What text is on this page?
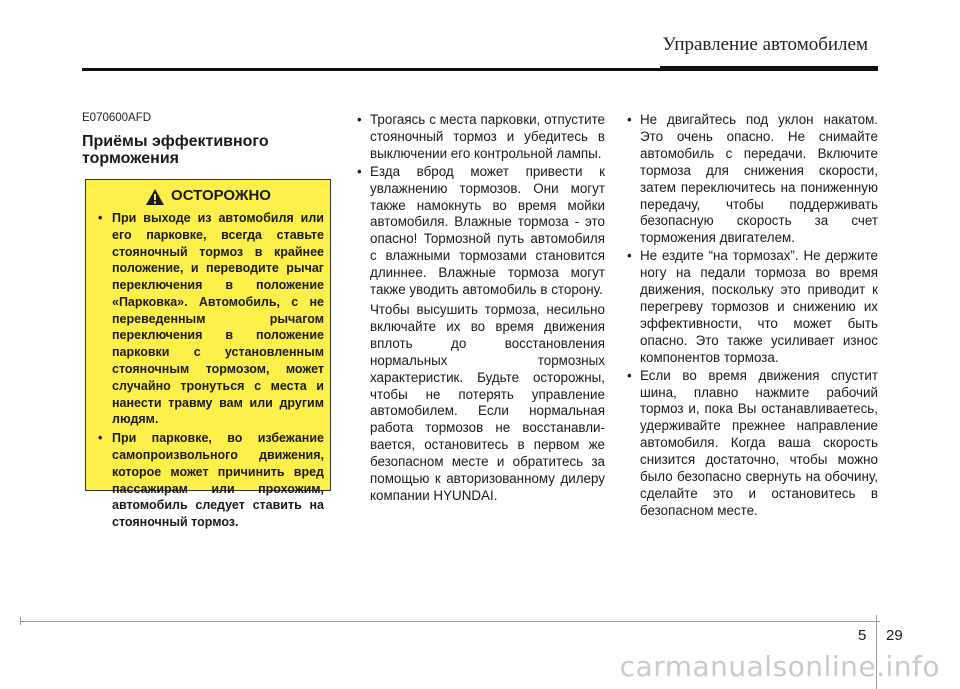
Управление автомобилем
E070600AFD
Приёмы эффективного торможения
ОСТОРОЖНО
• При выходе из автомобиля или его парковке, всегда ставьте стояночный тормоз в крайнее положение, и переводите рычаг переключения в положение «Парковка». Автомобиль, с не переведенным рычагом переключения в положение парковки с установленным стояночным тормозом, может случайно тронуться с места и нанести травму вам или другим людям.
• При парковке, во избежание самопроизвольного движения, которое может причинить вред пассажирам или прохожим, автомобиль следует ставить на стояночный тормоз.
• Трогаясь с места парковки, отпустите стояночный тормоз и убедитесь в выключении его контрольной лампы.
• Езда вброд может привести к увлажнению тормозов. Они могут также намокнуть во время мойки автомобиля. Влажные тормоза - это опасно! Тормозной путь автомобиля с влажными тормозами становится длиннее. Влажные тормоза могут также уводить автомобиль в сторону.

Чтобы высушить тормоза, несильно включайте их во время движения вплоть до восстановления нормальных тормозных характеристик. Будьте осторожны, чтобы не потерять управление автомобилем. Если нормальная работа тормозов не восстанавли-вается, остановитесь в первом же безопасном месте и обратитесь за помощью к авторизованному дилеру компании HYUNDAI.

• Не двигайтесь под уклон накатом. Это очень опасно. Не снимайте автомобиль с передачи. Включите тормоза для снижения скорости, затем переключитесь на пониженную передачу, чтобы поддерживать безопасную скорость за счет торможения двигателем.
• Не ездите “на тормозах”. Не держите ногу на педали тормоза во время движения, поскольку это приводит к перегреву тормозов и снижению их эффективности, что может быть опасно. Это также усиливает износ компонентов тормоза.
• Если во время движения спустит шина, плавно нажмите рабочий тормоз и, пока Вы останавливаетесь, удерживайте прежнее направление автомобиля. Когда ваша скорость снизится достаточно, чтобы можно было безопасно свернуть на обочину, сделайте это и остановитесь в безопасном месте.
5 29
carmanualsonline.info
